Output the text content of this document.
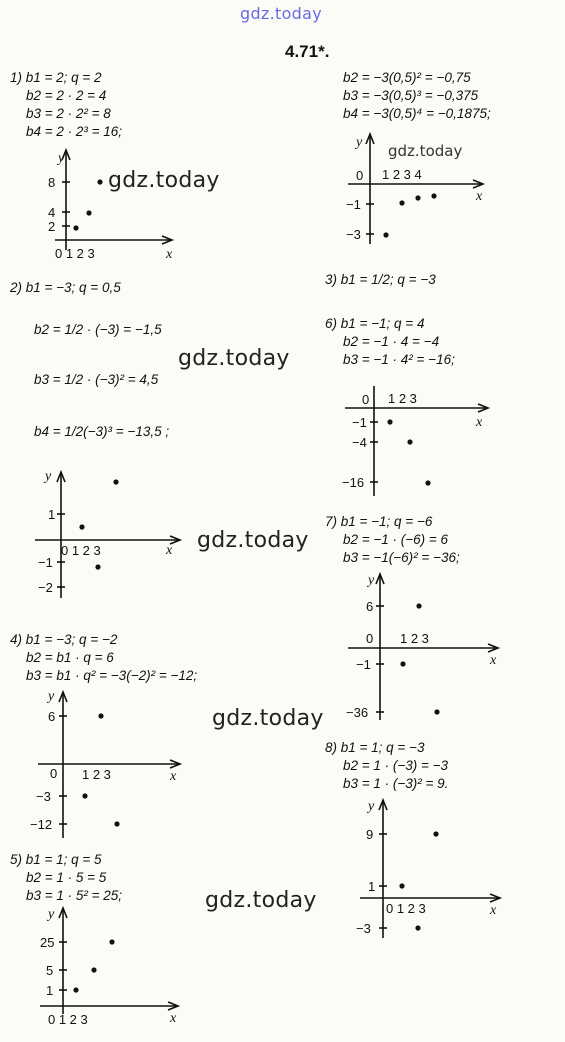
gdz.today
4.71*.
1) b1 = 2; q = 2
b2 = 2 · 2 = 4
b3 = 2 · 2² = 8
b4 = 2 · 2³ = 16;
y
x
8
4
2
0 1 2 3
gdz.today
2) b1 = −3; q = 0,5
b2 = 1/2 · (−3) = −1,5
b3 = 1/2 · (−3)² = 4,5
b4 = 1/2(−3)³ = −13,5 ;
gdz.today
y
x
1
−1
−2
0 1 2 3	gdz.today
b2 = −3(0,5)² = −0,75
b3 = −3(0,5)³ = −0,375
b4 = −3(0,5)⁴ = −0,1875;
y
x
0
−1
−3
1 2 3 4
gdz.today
3) b1 = 1/2; q = −3
6) b1 = −1; q = 4
b2 = −1 · 4 = −4
b3 = −1 · 4² = −16;
x
0
−1
−4
−16
1 2 3
7) b1 = −1; q = −6
b2 = −1 · (−6) = 6
b3 = −1(−6)² = −36;
y
x
6
0
−1
−36
1 2 3
4) b1 = −3; q = −2
b2 = b1 · q = 6
b3 = b1 · q² = −3(−2)² = −12;
y
x
6
0
−3
−12
1 2 3
gdz.today
8) b1 = 1; q = −3
b2 = 1 · (−3) = −3
b3 = 1 · (−3)² = 9.
y
x
9
1
−3
0 1 2 3
5) b1 = 1; q = 5
b2 = 1 · 5 = 5
b3 = 1 · 5² = 25;
y
x
25
5
1
0 1 2 3
gdz.today
